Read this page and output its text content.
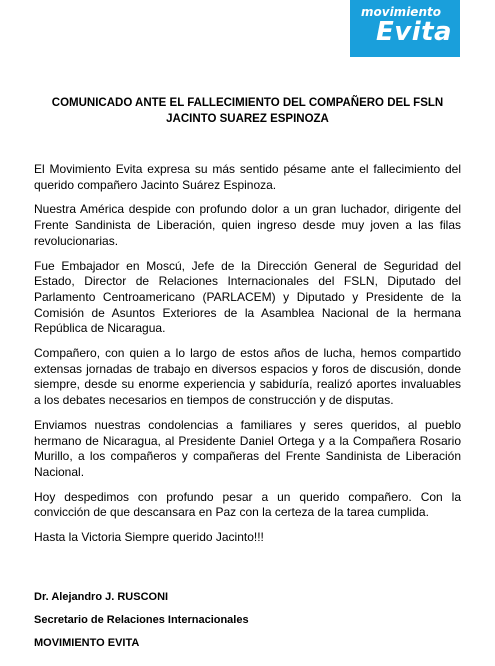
movimiento
Evita
COMUNICADO ANTE EL FALLECIMIENTO DEL COMPAÑERO DEL FSLN
JACINTO SUAREZ ESPINOZA
El Movimiento Evita expresa su más sentido pésame ante el fallecimiento del
querido compañero Jacinto Suárez Espinoza.
Nuestra América despide con profundo dolor a un gran luchador, dirigente del
Frente Sandinista de Liberación, quien ingreso desde muy joven a las filas
revolucionarias.
Fue Embajador en Moscú, Jefe de la Dirección General de Seguridad del
Estado, Director de Relaciones Internacionales del FSLN, Diputado del
Parlamento Centroamericano (PARLACEM) y Diputado y Presidente de la
Comisión de Asuntos Exteriores de la Asamblea Nacional de la hermana
República de Nicaragua.
Compañero, con quien a lo largo de estos años de lucha, hemos compartido
extensas jornadas de trabajo en diversos espacios y foros de discusión, donde
siempre, desde su enorme experiencia y sabiduría, realizó aportes invaluables
a los debates necesarios en tiempos de construcción y de disputas.
Enviamos nuestras condolencias a familiares y seres queridos, al pueblo
hermano de Nicaragua, al Presidente Daniel Ortega y a la Compañera Rosario
Murillo, a los compañeros y compañeras del Frente Sandinista de Liberación
Nacional.
Hoy despedimos con profundo pesar a un querido compañero. Con la
convicción de que descansara en Paz con la certeza de la tarea cumplida.
Hasta la Victoria Siempre querido Jacinto!!!
Dr. Alejandro J. RUSCONI
Secretario de Relaciones Internacionales
MOVIMIENTO EVITA
